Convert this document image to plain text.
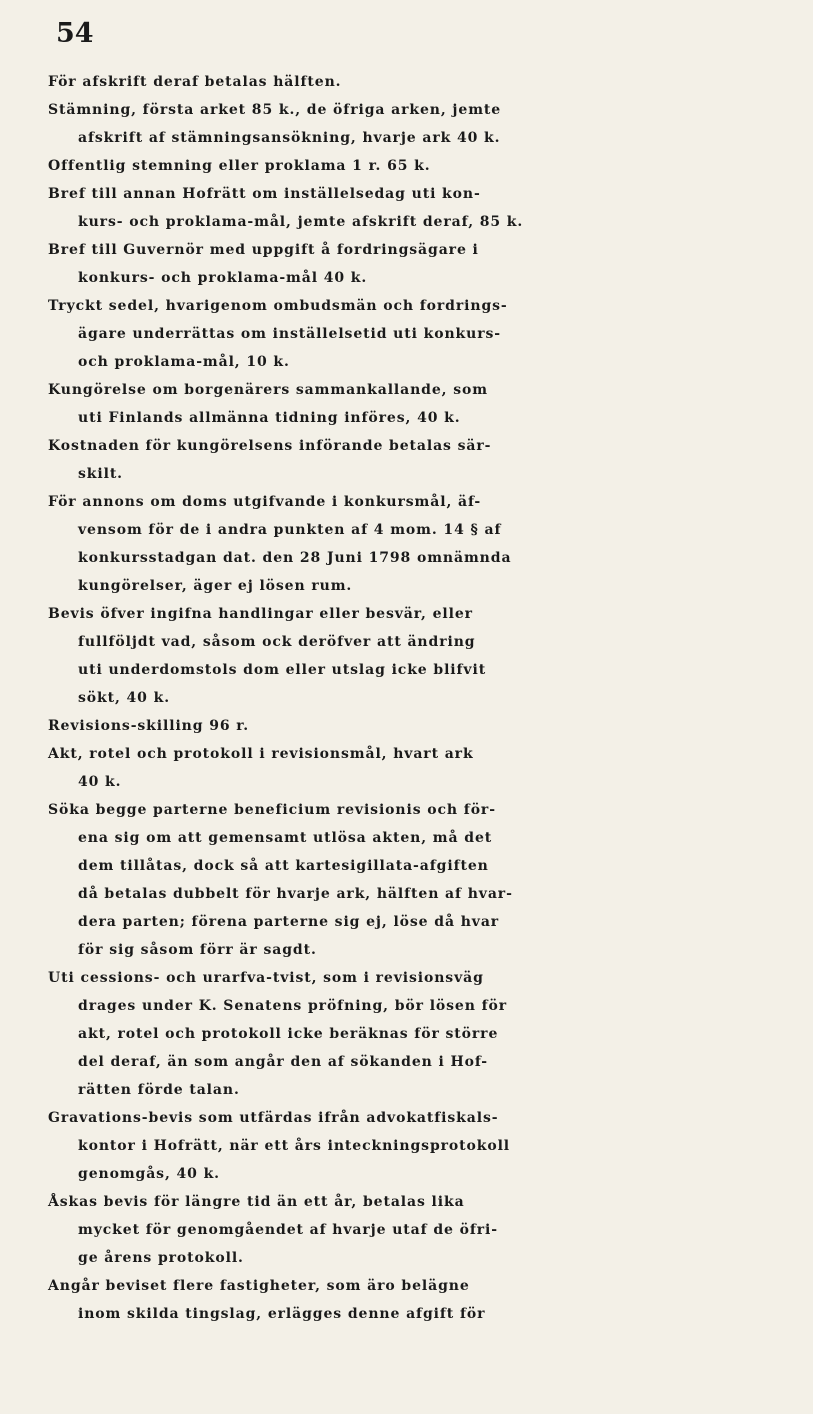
54
För afskrift deraf betalas hälften.
Stämning, första arket 85 k., de öfriga arken, jemte
afskrift af stämningsansökning, hvarje ark 40 k.
Offentlig stemning eller proklama 1 r. 65 k.
Bref till annan Hofrätt om inställelsedag uti kon-
kurs- och proklama-mål, jemte afskrift deraf, 85 k.
Bref till Guvernör med uppgift å fordringsägare i
konkurs- och proklama-mål 40 k.
Tryckt sedel, hvarigenom ombudsmän och fordrings-
ägare underrättas om inställelsetid uti konkurs-
och proklama-mål, 10 k.
Kungörelse om borgenärers sammankallande, som
uti Finlands allmänna tidning införes, 40 k.
Kostnaden för kungörelsens införande betalas sär-
skilt.
För annons om doms utgifvande i konkursmål, äf-
vensom för de i andra punkten af 4 mom. 14 § af
konkursstadgan dat. den 28 Juni 1798 omnämnda
kungörelser, äger ej lösen rum.
Bevis öfver ingifna handlingar eller besvär, eller
fullföljdt vad, såsom ock deröfver att ändring
uti underdomstols dom eller utslag icke blifvit
sökt, 40 k.
Revisions-skilling 96 r.
Akt, rotel och protokoll i revisionsmål, hvart ark
40 k.
Söka begge parterne beneficium revisionis och för-
ena sig om att gemensamt utlösa akten, må det
dem tillåtas, dock så att kartesigillata-afgiften
då betalas dubbelt för hvarje ark, hälften af hvar-
dera parten; förena parterne sig ej, löse då hvar
för sig såsom förr är sagdt.
Uti cessions- och urarfva-tvist, som i revisionsväg
drages under K. Senatens pröfning, bör lösen för
akt, rotel och protokoll icke beräknas för större
del deraf, än som angår den af sökanden i Hof-
rätten förde talan.
Gravations-bevis som utfärdas ifrån advokatfiskals-
kontor i Hofrätt, när ett års inteckningsprotokoll
genomgås, 40 k.
Åskas bevis för längre tid än ett år, betalas lika
mycket för genomgåendet af hvarje utaf de öfri-
ge årens protokoll.
Angår beviset flere fastigheter, som äro belägne
inom skilda tingslag, erlägges denne afgift för
